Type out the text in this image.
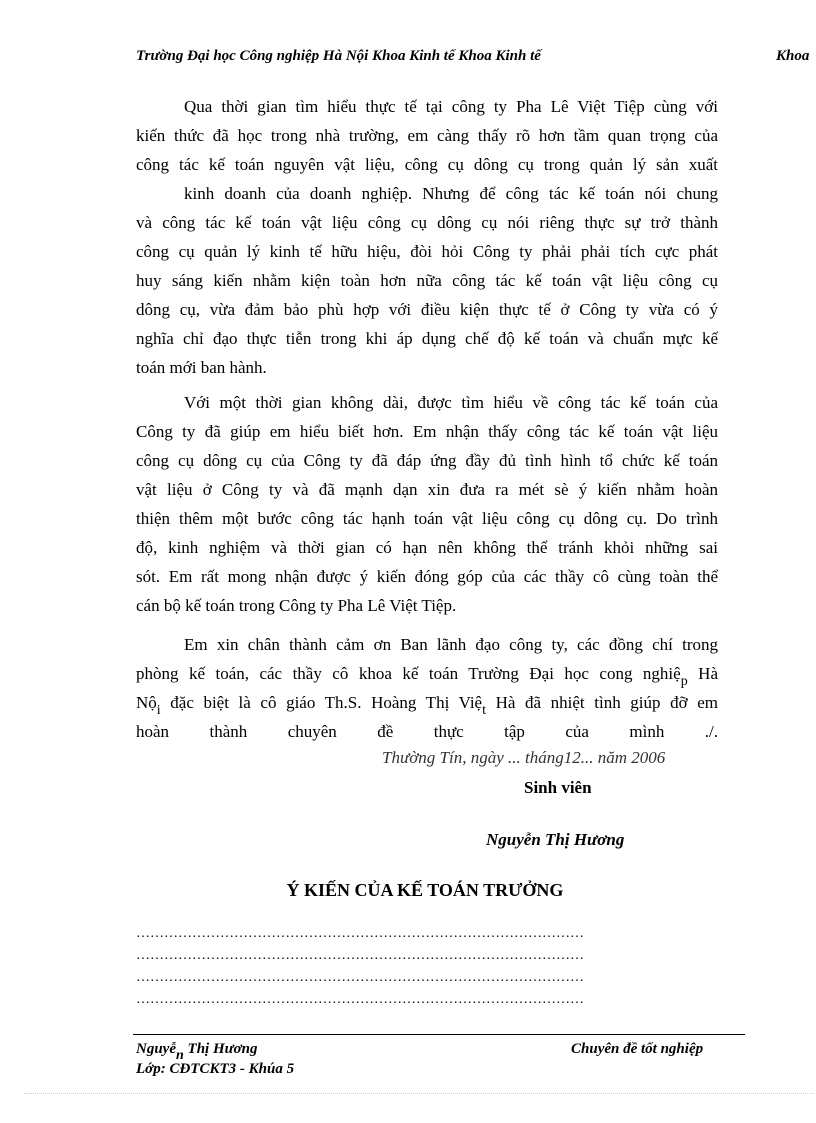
Trường Đại học Công nghiệp Hà Nội Khoa Kinh tế Khoa Kinh tế	Khoa
Qua thời gian tìm hiểu thực tế tại công ty Pha Lê Việt Tiệp cùng với
kiến thức đã học trong nhà trường, em càng thấy rõ hơn tầm quan trọng của
công tác kế toán nguyên vật liệu, công cụ dông cụ trong quản lý sản xuất
kinh doanh của doanh nghiệp. Nhưng để công tác kế toán nói chung
và công tác kế toán vật liệu công cụ dông cụ nói riêng thực sự trở thành
công cụ quản lý kinh tế hữu hiệu, đòi hỏi Công ty phải phải tích cực phát
huy sáng kiến nhằm kiện toàn hơn nữa công tác kế toán vật liệu công cụ
dông cụ, vừa đảm bảo phù hợp với điều kiện thực tế ở Công ty vừa có ý
nghĩa chỉ đạo thực tiễn trong khi áp dụng chế độ kế toán và chuẩn mực kế
toán mới ban hành.
Với một thời gian không dài, được tìm hiểu về công tác kế toán của
Công ty đã giúp em hiểu biết hơn. Em nhận thấy công tác kế toán vật liệu
công cụ dông cụ của Công ty đã đáp ứng đầy đủ tình hình tổ chức kế toán
vật liệu ở Công ty và đã mạnh dạn xin đưa ra mét sè ý kiến nhằm hoàn
thiện thêm một bước công tác hạnh toán vật liệu công cụ dông cụ. Do trình
độ, kinh nghiệm và thời gian có hạn nên không thể tránh khỏi những sai
sót. Em rất mong nhận được ý kiến đóng góp của các thầy cô cùng toàn thể
cán bộ kế toán trong Công ty Pha Lê Việt Tiệp.
Em xin chân thành cảm ơn Ban lãnh đạo công ty, các đồng chí trong
phòng kế toán, các thầy cô khoa kế toán Trường Đại học cong nghiệ$_p$ Hà
Nộ$_i$ đặc biệt là cô giáo Th.S. Hoàng Thị Việ$_t$ Hà đã nhiệt tình giúp đỡ em
hoàn thành chuyên đề thực tập của mình ./.
Thường Tín, ngày ... tháng12... năm 2006
Sinh viên
Nguyễn Thị Hương
Ý KIẾN CỦA KẾ TOÁN TRƯỞNG
……………………………………………………………………………………
……………………………………………………………………………………
……………………………………………………………………………………
……………………………………………………………………………………
Nguyễ$_n$ Thị Hương
Lớp: CĐTCKT3 - Khúa 5
Chuyên đề tốt nghiệp
